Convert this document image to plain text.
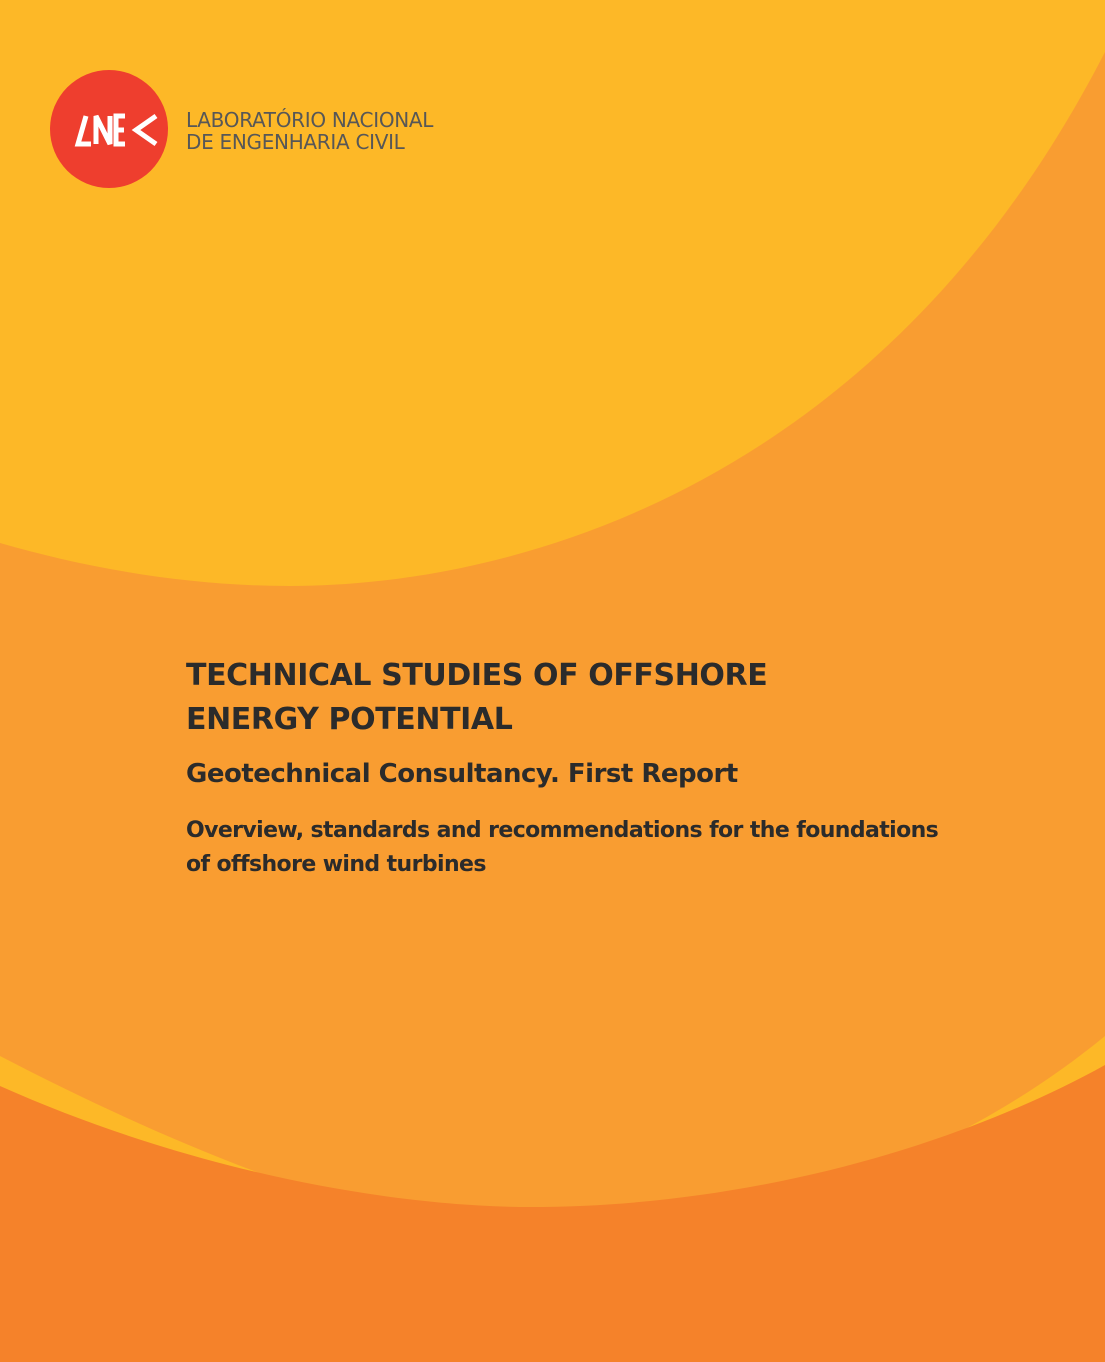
LABORATÓRIO NACIONAL
DE ENGENHARIA CIVIL
TECHNICAL STUDIES OF OFFSHORE
ENERGY POTENTIAL
Geotechnical Consultancy. First Report
Overview, standards and recommendations for the foundations
of offshore wind turbines
